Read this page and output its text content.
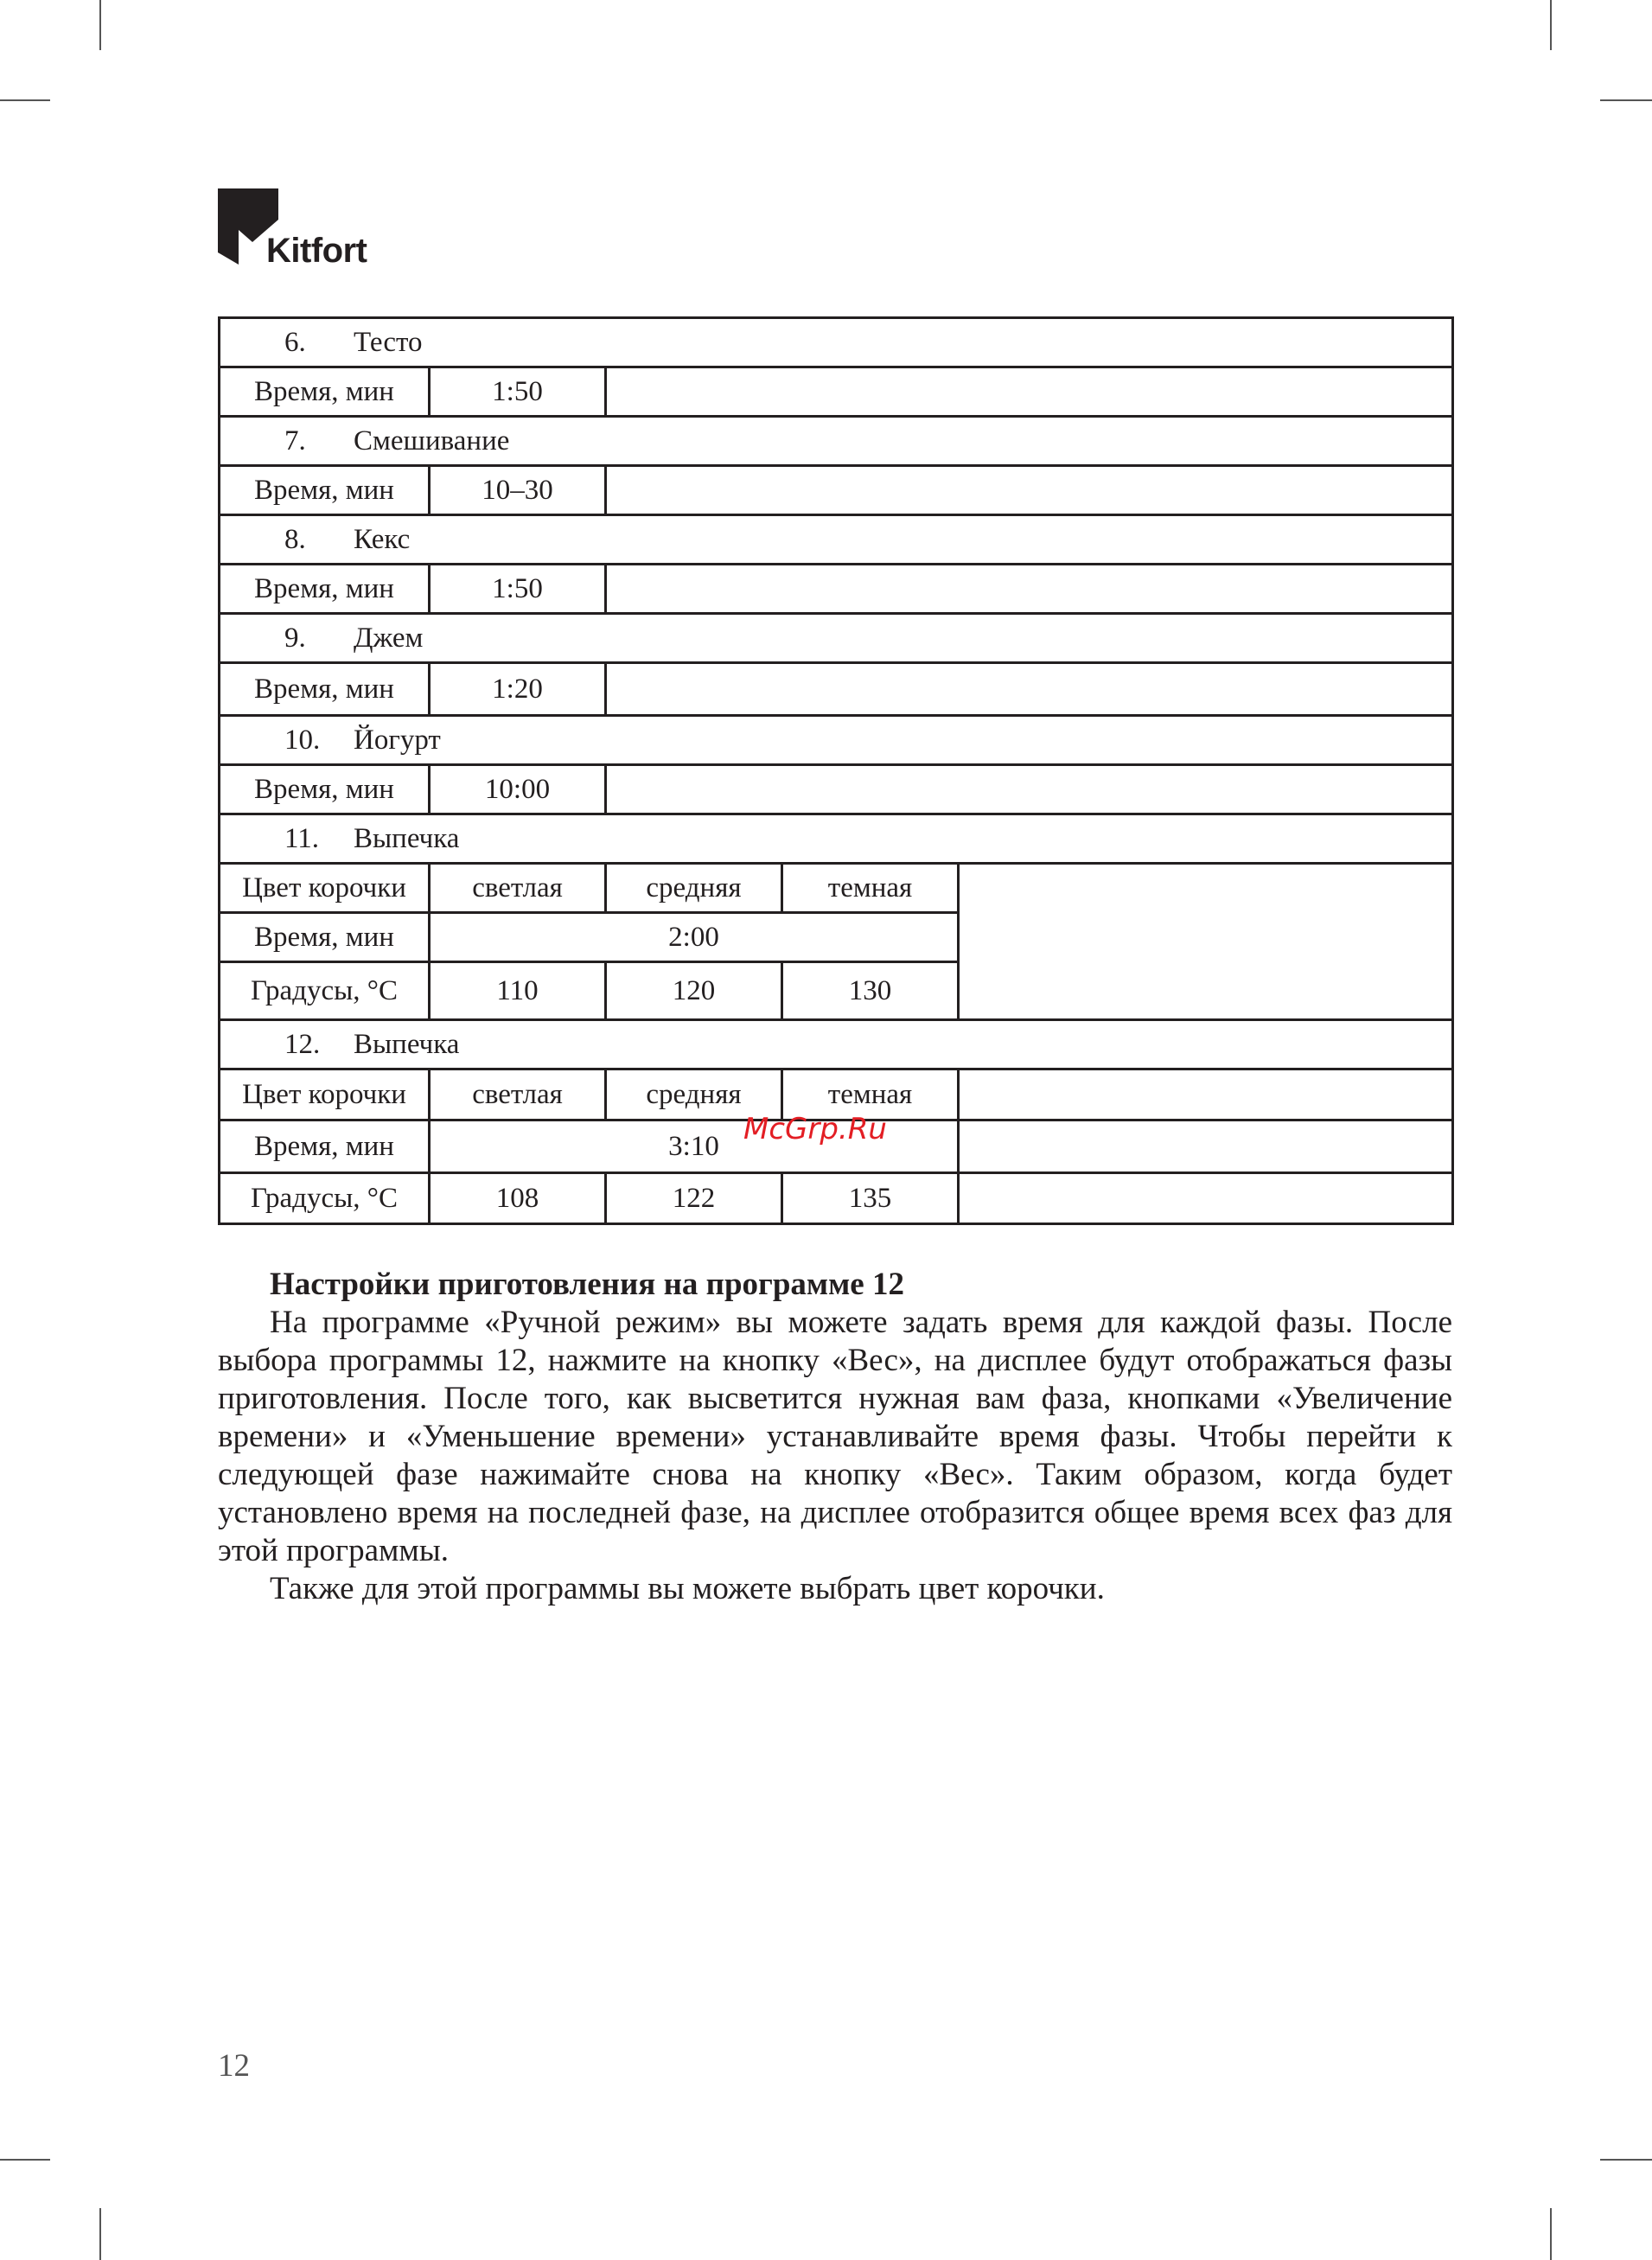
Kitfort
6. Тесто				
Время, мин	1:50			
7. Смешивание				
Время, мин	10–30			
8. Кекс				
Время, мин	1:50			
9. Джем				
Время, мин	1:20			
10. Йогурт				
Время, мин	10:00			
11. Выпечка				
Цвет корочки	светлая	средняя	темная	
Время, мин	2:00			
Градусы, °C	110	120	130	
12. Выпечка				
Цвет корочки	светлая	средняя	темная	
Время, мин	3:10			
Градусы, °C	108	122	135	
McGrp.Ru
Настройки приготовления на программе 12

На программе «Ручной режим» вы можете задать время для каждой фазы. После выбора программы 12, нажмите на кнопку «Вес», на дисплее будут отображаться фазы приготовления. После того, как высветится нужная вам фаза, кнопками «Увеличение времени» и «Уменьшение времени» устанавливайте время фазы. Чтобы перейти к следующей фазе нажимайте снова на кнопку «Вес». Таким образом, когда будет установлено время на последней фазе, на дисплее отобразится общее время всех фаз для этой программы.

Также для этой программы вы можете выбрать цвет корочки.

12
